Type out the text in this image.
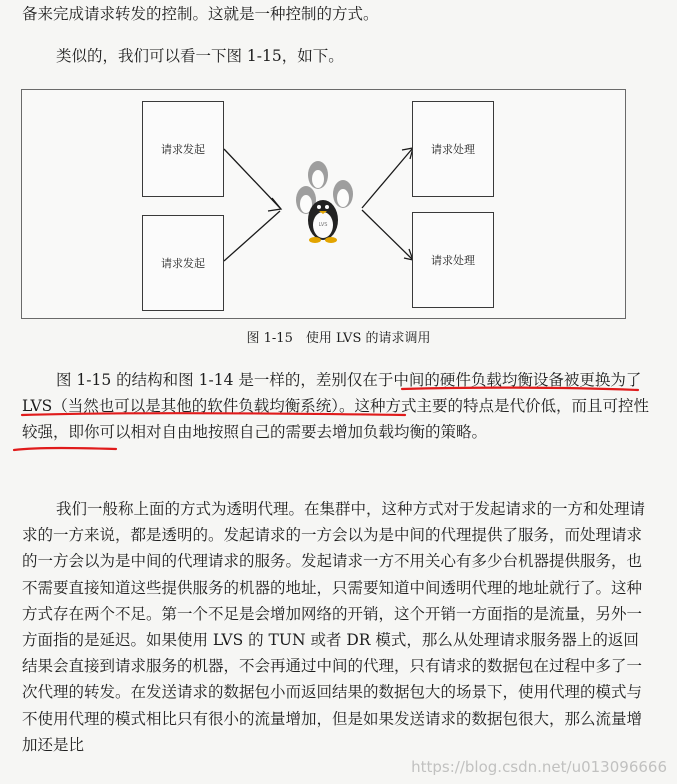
备来完成请求转发的控制。这就是一种控制的方式。

类似的，我们可以看一下图 1-15，如下。

请求发起
请求发起
请求处理
请求处理
LVS
图 1-15　使用 LVS 的请求调用

图 1-15 的结构和图 1-14 是一样的，差别仅在于中间的硬件负载均衡设备被更换为了 LVS（当然也可以是其他的软件负载均衡系统）。这种方式主要的特点是代价低，而且可控性较强，即你可以相对自由地按照自己的需要去增加负载均衡的策略。

我们一般称上面的方式为透明代理。在集群中，这种方式对于发起请求的一方和处理请求的一方来说，都是透明的。发起请求的一方会以为是中间的代理提供了服务，而处理请求的一方会以为是中间的代理请求的服务。发起请求一方不用关心有多少台机器提供服务，也不需要直接知道这些提供服务的机器的地址，只需要知道中间透明代理的地址就行了。这种方式存在两个不足。第一个不足是会增加网络的开销，这个开销一方面指的是流量，另外一方面指的是延迟。如果使用 LVS 的 TUN 或者 DR 模式，那么从处理请求服务器上的返回结果会直接到请求服务的机器，不会再通过中间的代理，只有请求的数据包在过程中多了一次代理的转发。在发送请求的数据包小而返回结果的数据包大的场景下，使用代理的模式与不使用代理的模式相比只有很小的流量增加，但是如果发送请求的数据包很大，那么流量增加还是比

https://blog.csdn.net/u013096666
